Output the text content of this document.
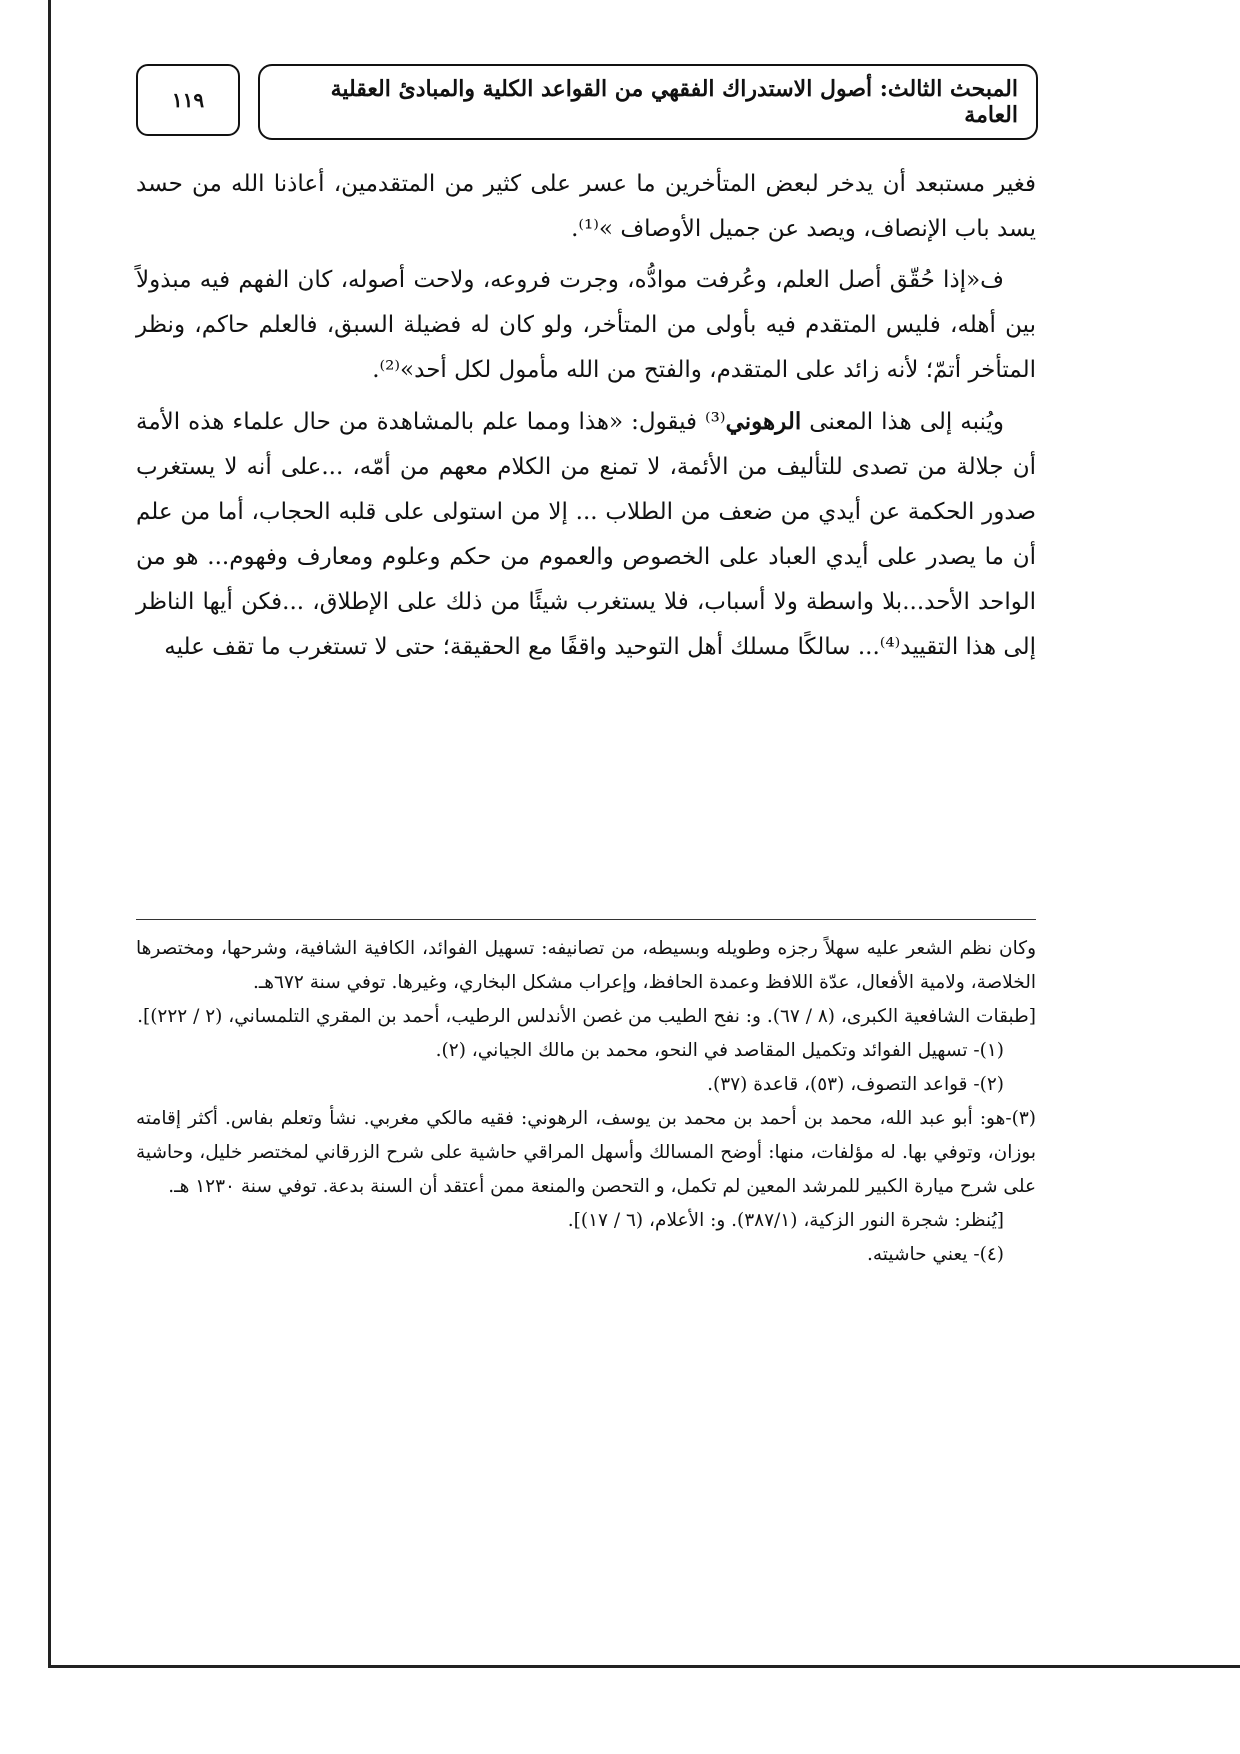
١١٩	المبحث الثالث: أصول الاستدراك الفقهي من القواعد الكلية والمبادئ العقلية العامة

فغير مستبعد أن يدخر لبعض المتأخرين ما عسر على كثير من المتقدمين، أعاذنا الله من حسد يسد باب الإنصاف، ويصد عن جميل الأوصاف »⁽¹⁾.

ف«إذا حُقّق أصل العلم، وعُرفت موادُّه، وجرت فروعه، ولاحت أصوله، كان الفهم فيه مبذولاً بين أهله، فليس المتقدم فيه بأولى من المتأخر، ولو كان له فضيلة السبق، فالعلم حاكم، ونظر المتأخر أتمّ؛ لأنه زائد على المتقدم، والفتح من الله مأمول لكل أحد»⁽²⁾.

ويُنبه إلى هذا المعنى الرهوني⁽³⁾ فيقول: «هذا ومما علم بالمشاهدة من حال علماء هذه الأمة أن جلالة من تصدى للتأليف من الأئمة، لا تمنع من الكلام معهم من أمّه، ...على أنه لا يستغرب صدور الحكمة عن أيدي من ضعف من الطلاب ... إلا من استولى على قلبه الحجاب، أما من علم أن ما يصدر على أيدي العباد على الخصوص والعموم من حكم وعلوم ومعارف وفهوم... هو من الواحد الأحد...بلا واسطة ولا أسباب، فلا يستغرب شيئًا من ذلك على الإطلاق، ...فكن أيها الناظر إلى هذا التقييد⁽⁴⁾... سالكًا مسلك أهل التوحيد واقفًا مع الحقيقة؛ حتى لا تستغرب ما تقف عليه

وكان نظم الشعر عليه سهلاً رجزه وطويله وبسيطه، من تصانيفه: تسهيل الفوائد، الكافية الشافية، وشرحها، ومختصرها الخلاصة، ولامية الأفعال، عدّة اللافظ وعمدة الحافظ، وإعراب مشكل البخاري، وغيرها. توفي سنة ٦٧٢هـ.

[طبقات الشافعية الكبرى، (٨ / ٦٧). و: نفح الطيب من غصن الأندلس الرطيب، أحمد بن المقري التلمساني، (٢ / ٢٢٢)].

(١)- تسهيل الفوائد وتكميل المقاصد في النحو، محمد بن مالك الجياني، (٢).

(٢)- قواعد التصوف، (٥٣)، قاعدة (٣٧).

(٣)-هو: أبو عبد الله، محمد بن أحمد بن محمد بن يوسف، الرهوني: فقيه مالكي مغربي. نشأ وتعلم بفاس. أكثر إقامته بوزان، وتوفي بها. له مؤلفات، منها: أوضح المسالك وأسهل المراقي حاشية على شرح الزرقاني لمختصر خليل، وحاشية على شرح ميارة الكبير للمرشد المعين لم تكمل، و التحصن والمنعة ممن أعتقد أن السنة بدعة. توفي سنة ١٢٣٠ هـ.

[يُنظر: شجرة النور الزكية، (٣٨٧/١). و: الأعلام، (٦ / ١٧)].

(٤)- يعني حاشيته.
